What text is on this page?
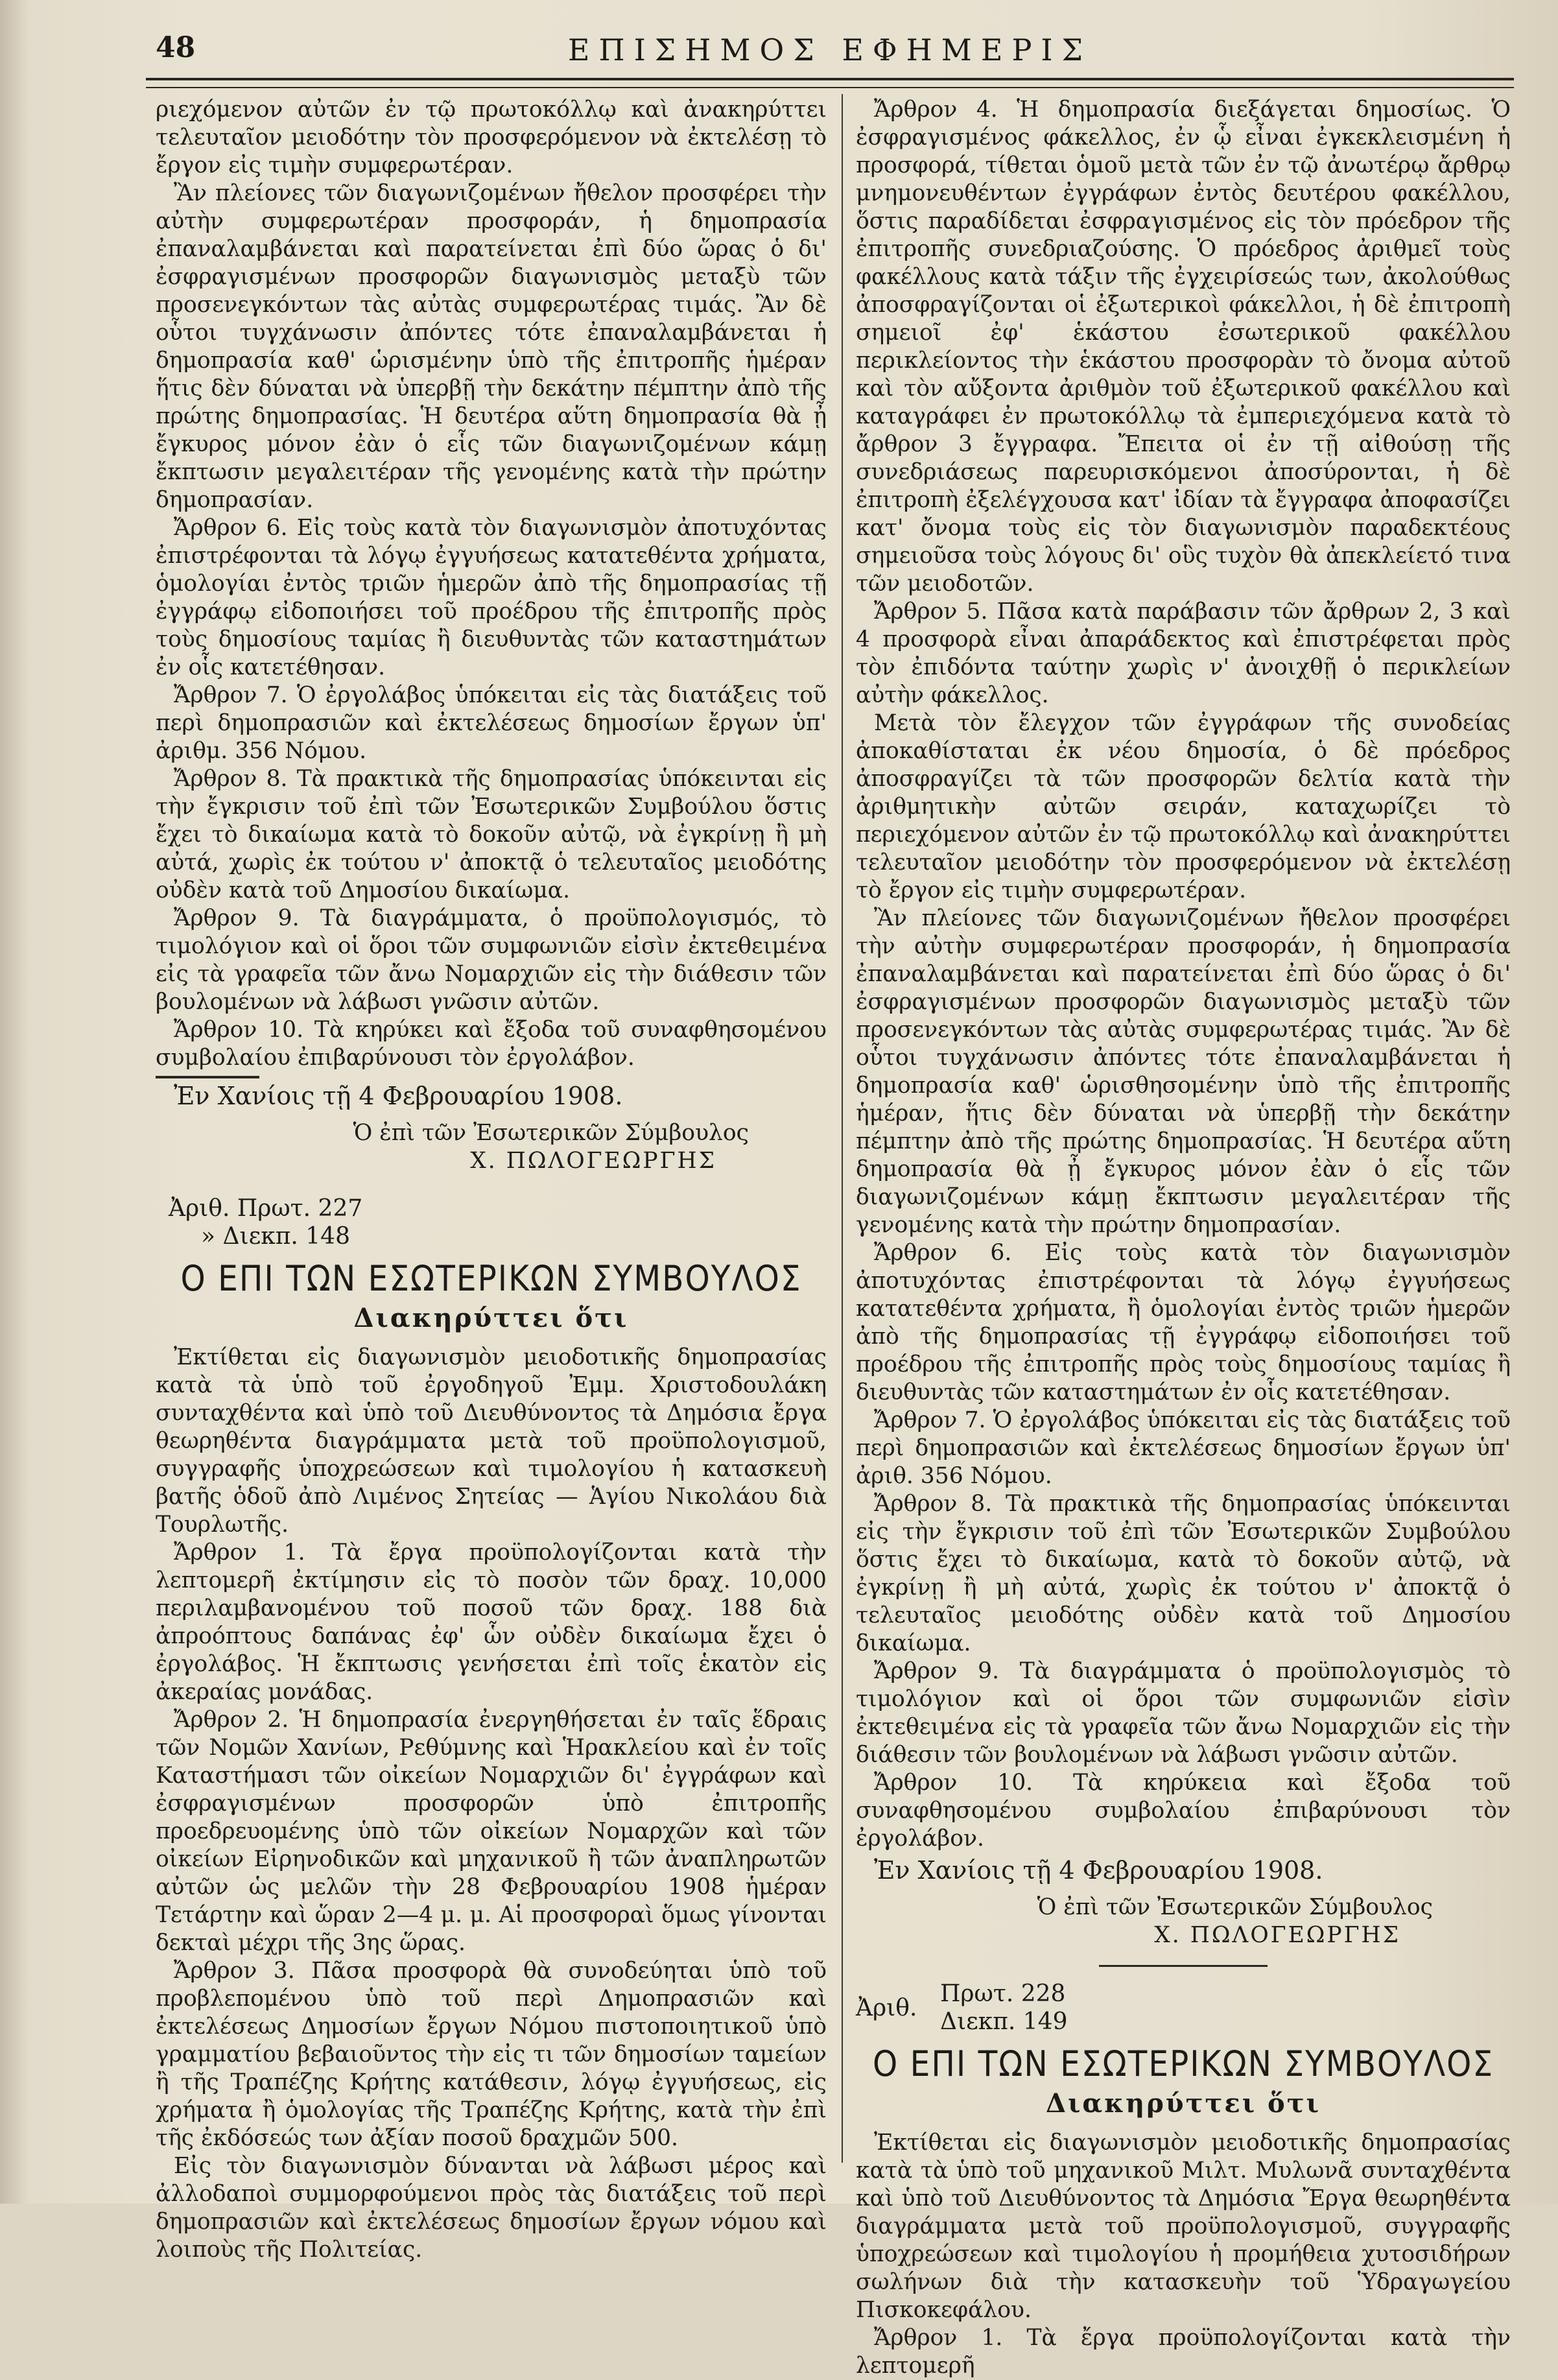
48	ΕΠΙΣΗΜΟΣ ΕΦΗΜΕΡΙΣ

ριεχόμενον αὐτῶν ἐν τῷ πρωτοκόλλῳ καὶ ἀνακηρύττει τελευταῖον μειοδότην τὸν προσφερόμενον νὰ ἐκτελέσῃ τὸ ἔργον εἰς τιμὴν συμφερωτέραν.

Ἂν πλείονες τῶν διαγωνιζομένων ἤθελον προσφέρει τὴν αὐτὴν συμφερωτέραν προσφοράν, ἡ δημοπρασία ἐπαναλαμβάνεται καὶ παρατείνεται ἐπὶ δύο ὥρας ὁ δι' ἐσφραγισμένων προσφορῶν διαγωνισμὸς μεταξὺ τῶν προσενεγκόντων τὰς αὐτὰς συμφερωτέρας τιμάς. Ἂν δὲ οὗτοι τυγχάνωσιν ἀπόντες τότε ἐπαναλαμβάνεται ἡ δημοπρασία καθ' ὡρισμένην ὑπὸ τῆς ἐπιτροπῆς ἡμέραν ἥτις δὲν δύναται νὰ ὑπερβῇ τὴν δεκάτην πέμπτην ἀπὸ τῆς πρώτης δημοπρασίας. Ἡ δευτέρα αὕτη δημοπρασία θὰ ᾖ ἔγκυρος μόνον ἐὰν ὁ εἷς τῶν διαγωνιζομένων κάμῃ ἔκπτωσιν μεγαλειτέραν τῆς γενομένης κατὰ τὴν πρώτην δημοπρασίαν.

Ἄρθρον 6. Εἰς τοὺς κατὰ τὸν διαγωνισμὸν ἀποτυχόντας ἐπιστρέφονται τὰ λόγῳ ἐγγυήσεως κατατεθέντα χρήματα, ὁμολογίαι ἐντὸς τριῶν ἡμερῶν ἀπὸ τῆς δημοπρασίας τῇ ἐγγράφῳ εἰδοποιήσει τοῦ προέδρου τῆς ἐπιτροπῆς πρὸς τοὺς δημοσίους ταμίας ἢ διευθυντὰς τῶν καταστημάτων ἐν οἷς κατετέθησαν.

Ἄρθρον 7. Ὁ ἐργολάβος ὑπόκειται εἰς τὰς διατάξεις τοῦ περὶ δημοπρασιῶν καὶ ἐκτελέσεως δημοσίων ἔργων ὑπ' ἀριθμ. 356 Νόμου.

Ἄρθρον 8. Τὰ πρακτικὰ τῆς δημοπρασίας ὑπόκεινται εἰς τὴν ἔγκρισιν τοῦ ἐπὶ τῶν Ἐσωτερικῶν Συμβούλου ὅστις ἔχει τὸ δικαίωμα κατὰ τὸ δοκοῦν αὐτῷ, νὰ ἐγκρίνῃ ἢ μὴ αὐτά, χωρὶς ἐκ τούτου ν' ἀποκτᾷ ὁ τελευταῖος μειοδότης οὐδὲν κατὰ τοῦ Δημοσίου δικαίωμα.

Ἄρθρον 9. Τὰ διαγράμματα, ὁ προϋπολογισμός, τὸ τιμολόγιον καὶ οἱ ὅροι τῶν συμφωνιῶν εἰσὶν ἐκτεθειμένα εἰς τὰ γραφεῖα τῶν ἄνω Νομαρχιῶν εἰς τὴν διάθεσιν τῶν βουλομένων νὰ λάβωσι γνῶσιν αὐτῶν.

Ἄρθρον 10. Τὰ κηρύκει καὶ ἔξοδα τοῦ συναφθησομένου συμβολαίου ἐπιβαρύνουσι τὸν ἐργολάβον.

Ἐν Χανίοις τῇ 4 Φεβρουαρίου 1908.

Ὁ ἐπὶ τῶν Ἐσωτερικῶν Σύμβουλος

Χ. ΠΩΛΟΓΕΩΡΓΗΣ

Ἀριθ. Πρωτ. 227
» Διεκπ. 148
Ο ΕΠΙ ΤΩΝ ΕΣΩΤΕΡΙΚΩΝ ΣΥΜΒΟΥΛΟΣ
Διακηρύττει ὅτι

Ἐκτίθεται εἰς διαγωνισμὸν μειοδοτικῆς δημοπρασίας κατὰ τὰ ὑπὸ τοῦ ἐργοδηγοῦ Ἐμμ. Χριστοδουλάκη συνταχθέντα καὶ ὑπὸ τοῦ Διευθύνοντος τὰ Δημόσια ἔργα θεωρηθέντα διαγράμματα μετὰ τοῦ προϋπολογισμοῦ, συγγραφῆς ὑποχρεώσεων καὶ τιμολογίου ἡ κατασκευὴ βατῆς ὁδοῦ ἀπὸ Λιμένος Σητείας — Ἁγίου Νικολάου διὰ Τουρλωτῆς.

Ἄρθρον 1. Τὰ ἔργα προϋπολογίζονται κατὰ τὴν λεπτομερῆ ἐκτίμησιν εἰς τὸ ποσὸν τῶν δραχ. 10,000 περιλαμβανομένου τοῦ ποσοῦ τῶν δραχ. 188 διὰ ἀπροόπτους δαπάνας ἐφ' ὧν οὐδὲν δικαίωμα ἔχει ὁ ἐργολάβος. Ἡ ἔκπτωσις γενήσεται ἐπὶ τοῖς ἑκατὸν εἰς ἀκεραίας μονάδας.

Ἄρθρον 2. Ἡ δημοπρασία ἐνεργηθήσεται ἐν ταῖς ἕδραις τῶν Νομῶν Χανίων, Ρεθύμνης καὶ Ἡρακλείου καὶ ἐν τοῖς Καταστήμασι τῶν οἰκείων Νομαρχιῶν δι' ἐγγράφων καὶ ἐσφραγισμένων προσφορῶν ὑπὸ ἐπιτροπῆς προεδρευομένης ὑπὸ τῶν οἰκείων Νομαρχῶν καὶ τῶν οἰκείων Εἰρηνοδικῶν καὶ μηχανικοῦ ἢ τῶν ἀναπληρωτῶν αὐτῶν ὡς μελῶν τὴν 28 Φεβρουαρίου 1908 ἡμέραν Τετάρτην καὶ ὥραν 2—4 μ. μ. Αἱ προσφοραὶ ὅμως γίνονται δεκταὶ μέχρι τῆς 3ης ὥρας.

Ἄρθρον 3. Πᾶσα προσφορὰ θὰ συνοδεύηται ὑπὸ τοῦ προβλεπομένου ὑπὸ τοῦ περὶ Δημοπρασιῶν καὶ ἐκτελέσεως Δημοσίων ἔργων Νόμου πιστοποιητικοῦ ὑπὸ γραμματίου βεβαιοῦντος τὴν εἰς τι τῶν δημοσίων ταμείων ἢ τῆς Τραπέζης Κρήτης κατάθεσιν, λόγῳ ἐγγυήσεως, εἰς χρήματα ἢ ὁμολογίας τῆς Τραπέζης Κρήτης, κατὰ τὴν ἐπὶ τῆς ἐκδόσεώς των ἀξίαν ποσοῦ δραχμῶν 500.

Εἰς τὸν διαγωνισμὸν δύνανται νὰ λάβωσι μέρος καὶ ἀλλοδαποὶ συμμορφούμενοι πρὸς τὰς διατάξεις τοῦ περὶ δημοπρασιῶν καὶ ἐκτελέσεως δημοσίων ἔργων νόμου καὶ λοιποὺς τῆς Πολιτείας.

Ἄρθρον 4. Ἡ δημοπρασία διεξάγεται δημοσίως. Ὁ ἐσφραγισμένος φάκελλος, ἐν ᾧ εἶναι ἐγκεκλεισμένη ἡ προσφορά, τίθεται ὁμοῦ μετὰ τῶν ἐν τῷ ἀνωτέρῳ ἄρθρῳ μνημονευθέντων ἐγγράφων ἐντὸς δευτέρου φακέλλου, ὅστις παραδίδεται ἐσφραγισμένος εἰς τὸν πρόεδρον τῆς ἐπιτροπῆς συνεδριαζούσης. Ὁ πρόεδρος ἀριθμεῖ τοὺς φακέλλους κατὰ τάξιν τῆς ἐγχειρίσεώς των, ἀκολούθως ἀποσφραγίζονται οἱ ἐξωτερικοὶ φάκελλοι, ἡ δὲ ἐπιτροπὴ σημειοῖ ἐφ' ἑκάστου ἐσωτερικοῦ φακέλλου περικλείοντος τὴν ἑκάστου προσφορὰν τὸ ὄνομα αὐτοῦ καὶ τὸν αὔξοντα ἀριθμὸν τοῦ ἐξωτερικοῦ φακέλλου καὶ καταγράφει ἐν πρωτοκόλλῳ τὰ ἐμπεριεχόμενα κατὰ τὸ ἄρθρον 3 ἔγγραφα. Ἔπειτα οἱ ἐν τῇ αἰθούσῃ τῆς συνεδριάσεως παρευρισκόμενοι ἀποσύρονται, ἡ δὲ ἐπιτροπὴ ἐξελέγχουσα κατ' ἰδίαν τὰ ἔγγραφα ἀποφασίζει κατ' ὄνομα τοὺς εἰς τὸν διαγωνισμὸν παραδεκτέους σημειοῦσα τοὺς λόγους δι' οὓς τυχὸν θὰ ἀπεκλείετό τινα τῶν μειοδοτῶν.

Ἄρθρον 5. Πᾶσα κατὰ παράβασιν τῶν ἄρθρων 2, 3 καὶ 4 προσφορὰ εἶναι ἀπαράδεκτος καὶ ἐπιστρέφεται πρὸς τὸν ἐπιδόντα ταύτην χωρὶς ν' ἀνοιχθῇ ὁ περικλείων αὐτὴν φάκελλος.

Μετὰ τὸν ἔλεγχον τῶν ἐγγράφων τῆς συνοδείας ἀποκαθίσταται ἐκ νέου δημοσία, ὁ δὲ πρόεδρος ἀποσφραγίζει τὰ τῶν προσφορῶν δελτία κατὰ τὴν ἀριθμητικὴν αὐτῶν σειράν, καταχωρίζει τὸ περιεχόμενον αὐτῶν ἐν τῷ πρωτοκόλλῳ καὶ ἀνακηρύττει τελευταῖον μειοδότην τὸν προσφερόμενον νὰ ἐκτελέσῃ τὸ ἔργον εἰς τιμὴν συμφερωτέραν.

Ἂν πλείονες τῶν διαγωνιζομένων ἤθελον προσφέρει τὴν αὐτὴν συμφερωτέραν προσφοράν, ἡ δημοπρασία ἐπαναλαμβάνεται καὶ παρατείνεται ἐπὶ δύο ὥρας ὁ δι' ἐσφραγισμένων προσφορῶν διαγωνισμὸς μεταξὺ τῶν προσενεγκόντων τὰς αὐτὰς συμφερωτέρας τιμάς. Ἂν δὲ οὗτοι τυγχάνωσιν ἀπόντες τότε ἐπαναλαμβάνεται ἡ δημοπρασία καθ' ὡρισθησομένην ὑπὸ τῆς ἐπιτροπῆς ἡμέραν, ἥτις δὲν δύναται νὰ ὑπερβῇ τὴν δεκάτην πέμπτην ἀπὸ τῆς πρώτης δημοπρασίας. Ἡ δευτέρα αὕτη δημοπρασία θὰ ᾖ ἔγκυρος μόνον ἐὰν ὁ εἷς τῶν διαγωνιζομένων κάμῃ ἔκπτωσιν μεγαλειτέραν τῆς γενομένης κατὰ τὴν πρώτην δημοπρασίαν.

Ἄρθρον 6. Εἰς τοὺς κατὰ τὸν διαγωνισμὸν ἀποτυχόντας ἐπιστρέφονται τὰ λόγῳ ἐγγυήσεως κατατεθέντα χρήματα, ἢ ὁμολογίαι ἐντὸς τριῶν ἡμερῶν ἀπὸ τῆς δημοπρασίας τῇ ἐγγράφῳ εἰδοποιήσει τοῦ προέδρου τῆς ἐπιτροπῆς πρὸς τοὺς δημοσίους ταμίας ἢ διευθυντὰς τῶν καταστημάτων ἐν οἷς κατετέθησαν.

Ἄρθρον 7. Ὁ ἐργολάβος ὑπόκειται εἰς τὰς διατάξεις τοῦ περὶ δημοπρασιῶν καὶ ἐκτελέσεως δημοσίων ἔργων ὑπ' ἀριθ. 356 Νόμου.

Ἄρθρον 8. Τὰ πρακτικὰ τῆς δημοπρασίας ὑπόκεινται εἰς τὴν ἔγκρισιν τοῦ ἐπὶ τῶν Ἐσωτερικῶν Συμβούλου ὅστις ἔχει τὸ δικαίωμα, κατὰ τὸ δοκοῦν αὐτῷ, νὰ ἐγκρίνῃ ἢ μὴ αὐτά, χωρὶς ἐκ τούτου ν' ἀποκτᾷ ὁ τελευταῖος μειοδότης οὐδὲν κατὰ τοῦ Δημοσίου δικαίωμα.

Ἄρθρον 9. Τὰ διαγράμματα ὁ προϋπολογισμὸς τὸ τιμολόγιον καὶ οἱ ὅροι τῶν συμφωνιῶν εἰσὶν ἐκτεθειμένα εἰς τὰ γραφεῖα τῶν ἄνω Νομαρχιῶν εἰς τὴν διάθεσιν τῶν βουλομένων νὰ λάβωσι γνῶσιν αὐτῶν.

Ἄρθρον 10. Τὰ κηρύκεια καὶ ἔξοδα τοῦ συναφθησομένου συμβολαίου ἐπιβαρύνουσι τὸν ἐργολάβον.

Ἐν Χανίοις τῇ 4 Φεβρουαρίου 1908.

Ὁ ἐπὶ τῶν Ἐσωτερικῶν Σύμβουλος

Χ. ΠΩΛΟΓΕΩΡΓΗΣ

Ἀριθ.
Πρωτ. 228
Διεκπ. 149
Ο ΕΠΙ ΤΩΝ ΕΣΩΤΕΡΙΚΩΝ ΣΥΜΒΟΥΛΟΣ
Διακηρύττει ὅτι

Ἐκτίθεται εἰς διαγωνισμὸν μειοδοτικῆς δημοπρασίας κατὰ τὰ ὑπὸ τοῦ μηχανικοῦ Μιλτ. Μυλωνᾶ συνταχθέντα καὶ ὑπὸ τοῦ Διευθύνοντος τὰ Δημόσια Ἔργα θεωρηθέντα διαγράμματα μετὰ τοῦ προϋπολογισμοῦ, συγγραφῆς ὑποχρεώσεων καὶ τιμολογίου ἡ προμήθεια χυτοσιδήρων σωλήνων διὰ τὴν κατασκευὴν τοῦ Ὑδραγωγείου Πισκοκεφάλου.

Ἄρθρον 1. Τὰ ἔργα προϋπολογίζονται κατὰ τὴν λεπτομερῆ
